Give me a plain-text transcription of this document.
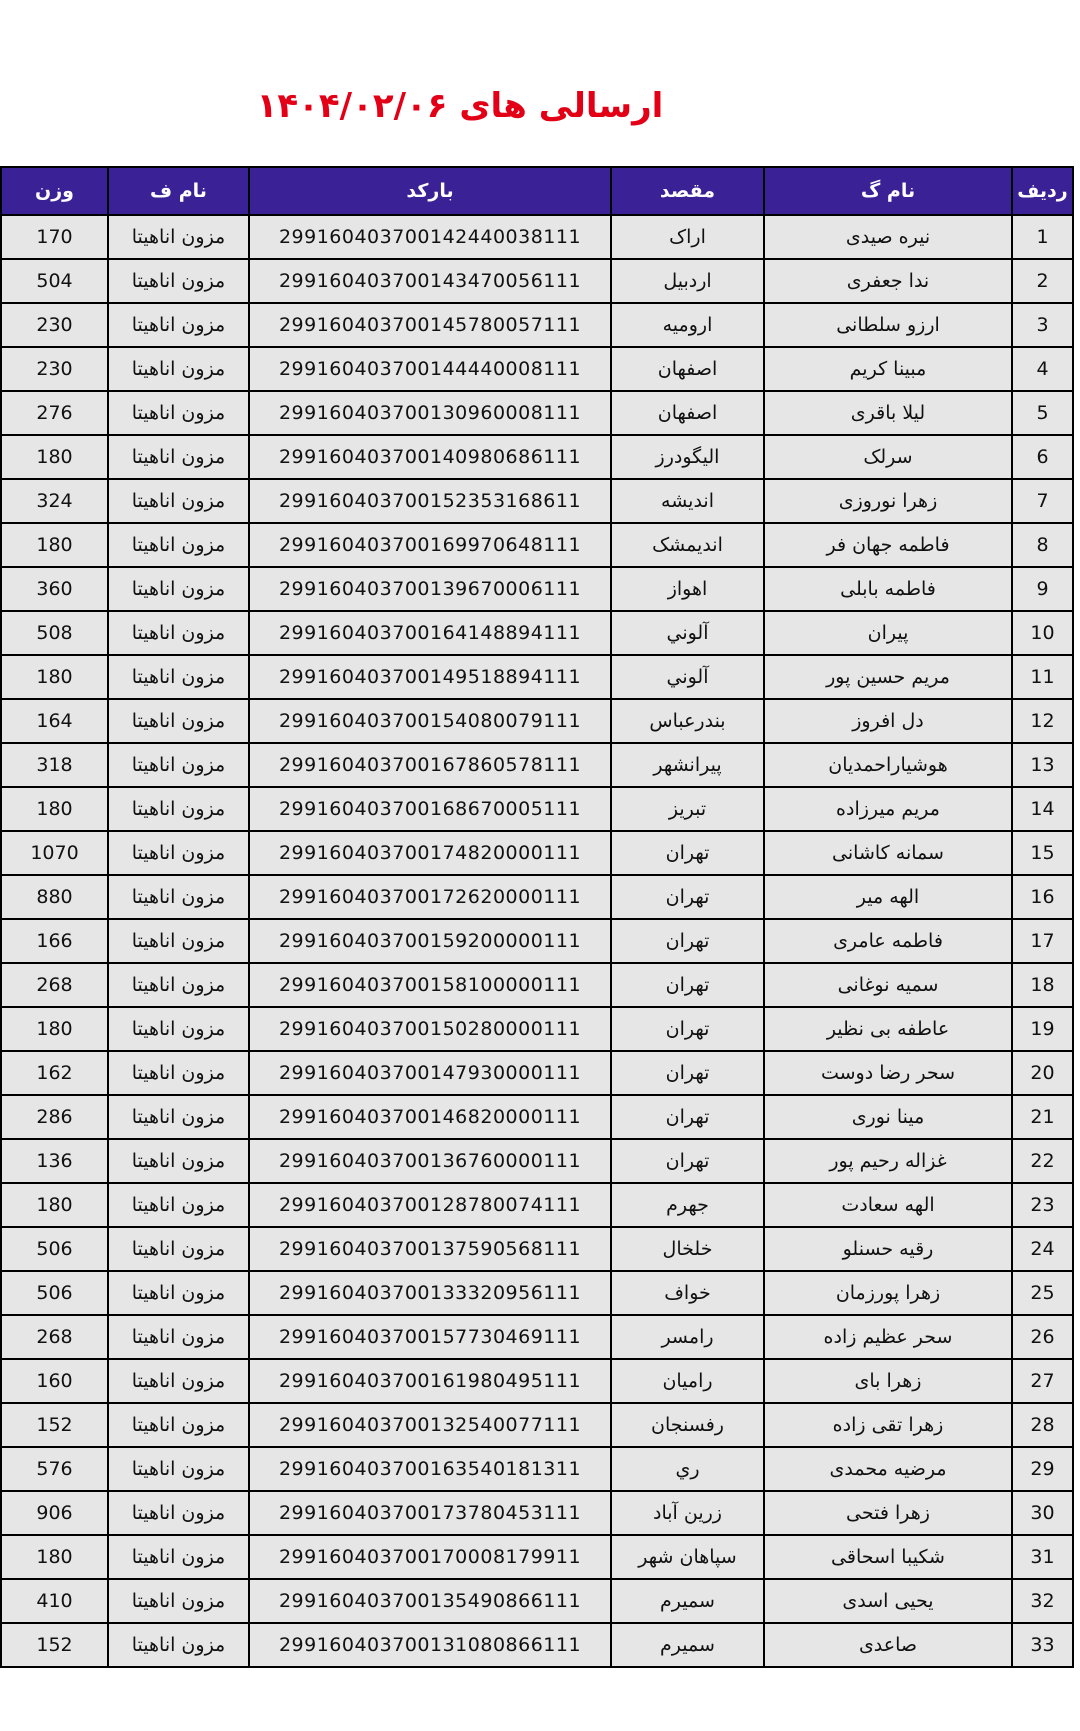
ارسالی های ۱۴۰۴/۰۲/۰۶
وزن	نام ف	بارکد	مقصد	نام گ	ردیف
170	مزون اناهیتا	299160403700142440038111	اراک	نیره صیدی	1
504	مزون اناهیتا	299160403700143470056111	اردبیل	ندا جعفری	2
230	مزون اناهیتا	299160403700145780057111	ارومیه	ارزو سلطانی	3
230	مزون اناهیتا	299160403700144440008111	اصفهان	مبینا کریم	4
276	مزون اناهیتا	299160403700130960008111	اصفهان	لیلا باقری	5
180	مزون اناهیتا	299160403700140980686111	الیگودرز	سرلک	6
324	مزون اناهیتا	299160403700152353168611	اندیشه	زهرا نوروزی	7
180	مزون اناهیتا	299160403700169970648111	اندیمشک	فاطمه جهان فر	8
360	مزون اناهیتا	299160403700139670006111	اهواز	فاطمه بابلی	9
508	مزون اناهیتا	299160403700164148894111	آلوني	پیران	10
180	مزون اناهیتا	299160403700149518894111	آلوني	مریم حسین پور	11
164	مزون اناهیتا	299160403700154080079111	بندرعباس	دل افروز	12
318	مزون اناهیتا	299160403700167860578111	پیرانشهر	هوشیاراحمدیان	13
180	مزون اناهیتا	299160403700168670005111	تبریز	مریم میرزاده	14
1070	مزون اناهیتا	299160403700174820000111	تهران	سمانه کاشانی	15
880	مزون اناهیتا	299160403700172620000111	تهران	الهه میر	16
166	مزون اناهیتا	299160403700159200000111	تهران	فاطمه عامری	17
268	مزون اناهیتا	299160403700158100000111	تهران	سمیه نوغانی	18
180	مزون اناهیتا	299160403700150280000111	تهران	عاطفه بی نظیر	19
162	مزون اناهیتا	299160403700147930000111	تهران	سحر رضا دوست	20
286	مزون اناهیتا	299160403700146820000111	تهران	مینا نوری	21
136	مزون اناهیتا	299160403700136760000111	تهران	غزاله رحیم پور	22
180	مزون اناهیتا	299160403700128780074111	جهرم	الهه سعادت	23
506	مزون اناهیتا	299160403700137590568111	خلخال	رقیه حسنلو	24
506	مزون اناهیتا	299160403700133320956111	خواف	زهرا پورزمان	25
268	مزون اناهیتا	299160403700157730469111	رامسر	سحر عظیم زاده	26
160	مزون اناهیتا	299160403700161980495111	رامیان	زهرا بای	27
152	مزون اناهیتا	299160403700132540077111	رفسنجان	زهرا تقی زاده	28
576	مزون اناهیتا	299160403700163540181311	ري	مرضیه محمدی	29
906	مزون اناهیتا	299160403700173780453111	زرین آباد	زهرا فتحی	30
180	مزون اناهیتا	299160403700170008179911	سپاهان شهر	شکیبا اسحاقی	31
410	مزون اناهیتا	299160403700135490866111	سمیرم	یحیی اسدی	32
152	مزون اناهیتا	299160403700131080866111	سمیرم	صاعدی	33
